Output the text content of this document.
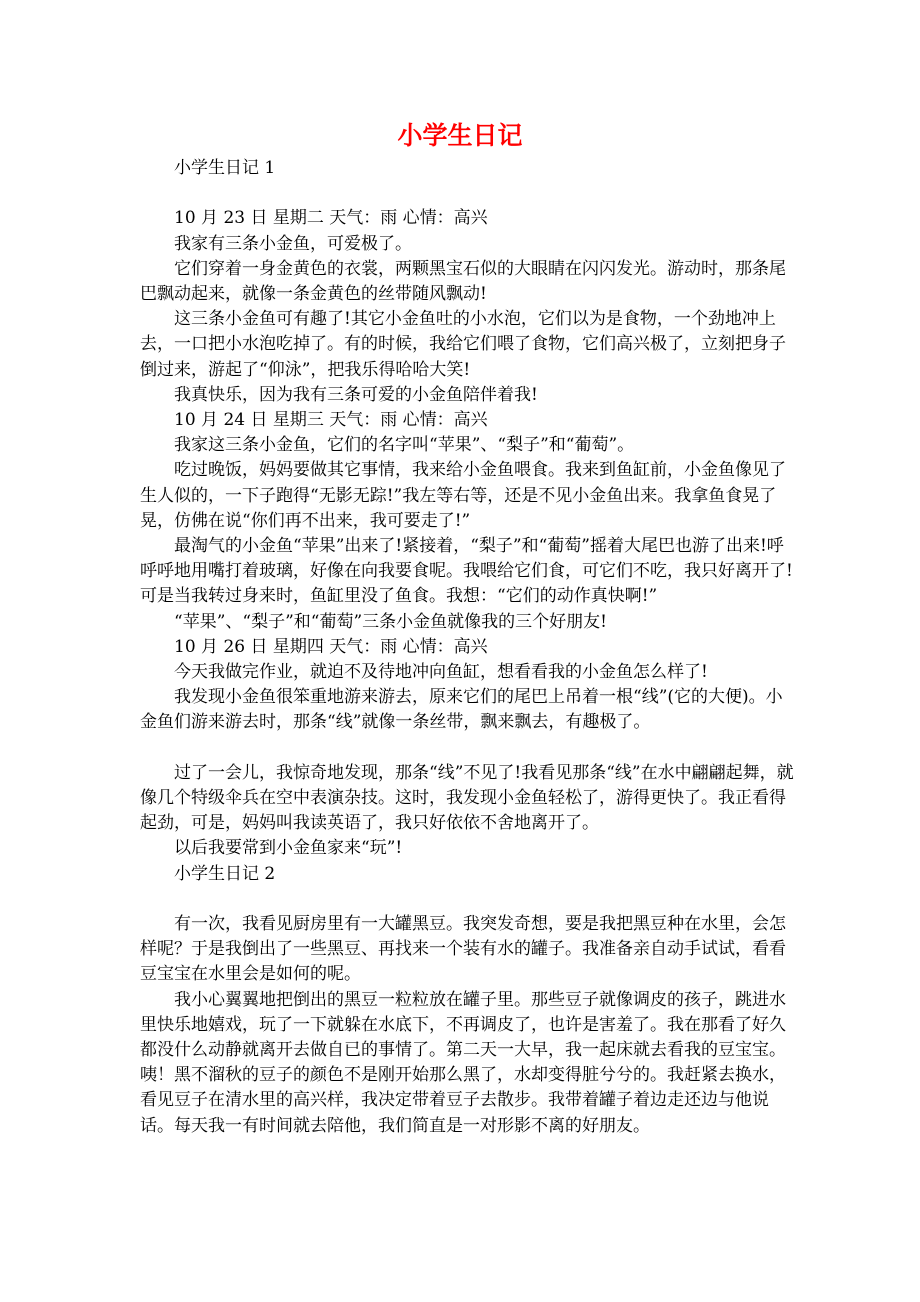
小学生日记

小学生日记 1

10 月 23 日 星期二 天气：雨 心情：高兴

我家有三条小金鱼，可爱极了。

它们穿着一身金黄色的衣裳，两颗黑宝石似的大眼睛在闪闪发光。游动时，那条尾巴飘动起来，就像一条金黄色的丝带随风飘动!

这三条小金鱼可有趣了!其它小金鱼吐的小水泡，它们以为是食物，一个劲地冲上去，一口把小水泡吃掉了。有的时候，我给它们喂了食物，它们高兴极了，立刻把身子倒过来，游起了“仰泳”，把我乐得哈哈大笑!

我真快乐，因为我有三条可爱的小金鱼陪伴着我!

10 月 24 日 星期三 天气：雨 心情：高兴

我家这三条小金鱼，它们的名字叫“苹果”、“梨子”和“葡萄”。

吃过晚饭，妈妈要做其它事情，我来给小金鱼喂食。我来到鱼缸前，小金鱼像见了生人似的，一下子跑得“无影无踪!”我左等右等，还是不见小金鱼出来。我拿鱼食晃了晃，仿佛在说“你们再不出来，我可要走了!”

最淘气的小金鱼“苹果”出来了!紧接着，“梨子”和“葡萄”摇着大尾巴也游了出来!呼呼呼地用嘴打着玻璃，好像在向我要食呢。我喂给它们食，可它们不吃，我只好离开了!可是当我转过身来时，鱼缸里没了鱼食。我想：“它们的动作真快啊!”

“苹果”、“梨子”和“葡萄”三条小金鱼就像我的三个好朋友!

10 月 26 日 星期四 天气：雨 心情：高兴

今天我做完作业，就迫不及待地冲向鱼缸，想看看我的小金鱼怎么样了!

我发现小金鱼很笨重地游来游去，原来它们的尾巴上吊着一根“线”(它的大便)。小金鱼们游来游去时，那条“线”就像一条丝带，飘来飘去，有趣极了。

过了一会儿，我惊奇地发现，那条“线”不见了!我看见那条“线”在水中翩翩起舞，就像几个特级伞兵在空中表演杂技。这时，我发现小金鱼轻松了，游得更快了。我正看得起劲，可是，妈妈叫我读英语了，我只好依依不舍地离开了。

以后我要常到小金鱼家来“玩”!

小学生日记 2

有一次，我看见厨房里有一大罐黑豆。我突发奇想，要是我把黑豆种在水里，会怎样呢？于是我倒出了一些黑豆、再找来一个装有水的罐子。我准备亲自动手试试，看看豆宝宝在水里会是如何的呢。

我小心翼翼地把倒出的黑豆一粒粒放在罐子里。那些豆子就像调皮的孩子，跳进水里快乐地嬉戏，玩了一下就躲在水底下，不再调皮了，也许是害羞了。我在那看了好久都没什么动静就离开去做自已的事情了。第二天一大早，我一起床就去看我的豆宝宝。咦！黑不溜秋的豆子的颜色不是刚开始那么黑了，水却变得脏兮兮的。我赶紧去换水，看见豆子在清水里的高兴样，我决定带着豆子去散步。我带着罐子着边走还边与他说话。每天我一有时间就去陪他，我们简直是一对形影不离的好朋友。
